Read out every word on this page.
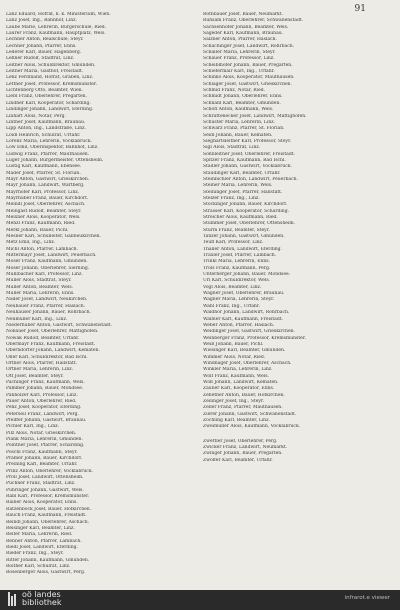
91
Lanz Eduard, Hofrat, k. k. Ministerium, Wien.
Lanz Josef, Ing., Bahnhof, Linz.
Laube Marie, Lehrerin, Bürgerschule, Ried.
Laurer Franz, Kaufmann, Hauptplatz, Wels.
Lechner Anton, Realschule, Steyr.
Lechner Johann, Pfarrer, Enns.
Lederer Karl, Bauer, Hagenberg.
Lehner Rudolf, Stadtrat, Linz.
Leitner Alois, Schuldirektor, Gmunden.
Leitner Maria, Gasthof, Freistadt.
Lenz Ferdinand, Hofrat, Graben, Linz.
Lettner Josef, Professor, Kremsmünster.
Lichtenberg Otto, Beamter, Wien.
Liebl Franz, Oberlehrer, Pregarten.
Lindner Karl, Kooperator, Schärding.
Lindinger Johann, Landwirt, Eferding.
Linhart Alois, Notar, Perg.
Lintner Josef, Kaufmann, Braunau.
Lipp Anton, Ing., Landstraße, Linz.
Loidl Heinrich, Schulrat, Urfahr.
Lorenz Maria, Lehrerin, Vöcklabruck.
Löw Emil, Oberinspektor, Bahnhof, Linz.
Ludwig Franz, Pfarrer, Mauthausen.
Luger Johann, Bürgermeister, Ottensheim.
Lustig Karl, Kaufmann, Ebensee.
Mader Josef, Pfarrer, St. Florian.
Mayr Anton, Gastwirt, Grieskirchen.
Mayr Johann, Landwirt, Wartberg.
Mayrhofer Karl, Professor, Linz.
Mayrhuber Franz, Bauer, Kirchdorf.
Meindl Josef, Oberlehrer, Aschach.
Meingast Rudolf, Beamter, Steyr.
Meixner Alois, Kooperator, Wels.
Menzl Franz, Kaufmann, Ried.
Merkl Johann, Bauer, Pichl.
Mesner Karl, Schulleiter, Gallneukirchen.
Metz Emil, Ing., Linz.
Michl Anton, Pfarrer, Lambach.
Mittermayr Josef, Landwirt, Peuerbach.
Moser Franz, Kaufmann, Gmunden.
Moser Johann, Oberlehrer, Sierning.
Mühlbacher Karl, Professor, Linz.
Müller Alois, Stadtrat, Steyr.
Müller Anton, Beamter, Wels.
Müller Maria, Lehrerin, Enns.
Nader Josef, Landwirt, Neukirchen.
Neubauer Franz, Pfarrer, Haslach.
Neuhauser Johann, Bauer, Rohrbach.
Neumüller Karl, Ing., Linz.
Niederhuber Anton, Gastwirt, Schwanenstadt.
Nöbauer Josef, Oberlehrer, Mattighofen.
Nowak Rudolf, Beamter, Urfahr.
Obermayr Franz, Kaufmann, Freistadt.
Oberndorfer Johann, Landwirt, Kematen.
Öller Karl, Schuldirektor, Bad Ischl.
Ortner Alois, Pfarrer, Hallstatt.
Ortner Maria, Lehrerin, Linz.
Ott Josef, Beamter, Steyr.
Pachinger Franz, Kaufmann, Wels.
Pammer Johann, Bauer, Mondsee.
Panholzer Karl, Professor, Linz.
Pauer Anton, Oberlehrer, Ried.
Penz Josef, Kooperator, Eferding.
Peterseil Franz, Landwirt, Perg.
Pfeiffer Johann, Gastwirt, Braunau.
Pichler Karl, Ing., Linz.
Pilz Alois, Notar, Grieskirchen.
Plank Maria, Lehrerin, Gmunden.
Pointner Josef, Pfarrer, Schärding.
Pöschl Franz, Kaufmann, Steyr.
Pramer Johann, Bauer, Kirchdorf.
Preining Karl, Beamter, Urfahr.
Prinz Anton, Oberlehrer, Vöcklabruck.
Pröll Josef, Landwirt, Ottensheim.
Puchner Franz, Stadtrat, Linz.
Pühringer Johann, Gastwirt, Wels.
Rabl Karl, Professor, Kremsmünster.
Rainer Alois, Kooperator, Enns.
Ratzenböck Josef, Bauer, Hofkirchen.
Rauch Franz, Kaufmann, Freistadt.
Reindl Johann, Oberlehrer, Aschach.
Reisinger Karl, Beamter, Linz.
Reiter Maria, Lehrerin, Ried.
Renner Anton, Pfarrer, Lambach.
Riedl Josef, Landwirt, Eferding.
Rieder Franz, Ing., Steyr.
Ritter Johann, Kaufmann, Gmunden.
Roither Karl, Schulrat, Linz.
Rosenberger Alois, Gastwirt, Perg.
Rothbauer Josef, Bauer, Neumarkt.
Ruhsam Franz, Oberlehrer, Schwanenstadt.
Sachsenhofer Johann, Beamter, Wels.
Sageder Karl, Kaufmann, Braunau.
Salzner Anton, Pfarrer, Haslach.
Schachinger Josef, Landwirt, Rohrbach.
Schaller Maria, Lehrerin, Steyr.
Schauer Franz, Professor, Linz.
Scheiblhofer Johann, Bauer, Pregarten.
Schiefermair Karl, Ing., Urfahr.
Schinko Alois, Kooperator, Mauthausen.
Schlager Josef, Gastwirt, Grieskirchen.
Schmid Franz, Notar, Ried.
Schmidt Johann, Oberlehrer, Enns.
Schnabl Karl, Beamter, Gmunden.
Schöfl Anton, Kaufmann, Wels.
Schrattenecker Josef, Landwirt, Mattighofen.
Schuster Maria, Lehrerin, Linz.
Schwarz Franz, Pfarrer, St. Florian.
Seidl Johann, Bauer, Kematen.
Sieghartsleitner Karl, Professor, Steyr.
Sigl Alois, Stadtrat, Linz.
Sonnleitner Josef, Oberlehrer, Freistadt.
Spitzer Franz, Kaufmann, Bad Ischl.
Stadler Johann, Gastwirt, Vöcklabruck.
Staudinger Karl, Beamter, Urfahr.
Steinbichler Anton, Landwirt, Peuerbach.
Steiner Maria, Lehrerin, Wels.
Steininger Josef, Pfarrer, Hallstatt.
Stelzer Franz, Ing., Linz.
Stockinger Johann, Bauer, Kirchdorf.
Strasser Karl, Kooperator, Schärding.
Streicher Alois, Kaufmann, Ried.
Stummer Josef, Oberlehrer, Ottensheim.
Sturm Franz, Beamter, Steyr.
Tanzer Johann, Gastwirt, Gmunden.
Teufl Karl, Professor, Linz.
Thaller Anton, Landwirt, Eferding.
Traxler Josef, Pfarrer, Lambach.
Trinkl Maria, Lehrerin, Enns.
Tröls Franz, Kaufmann, Perg.
Unterberger Johann, Bauer, Mondsee.
Url Karl, Schuldirektor, Wels.
Vogl Alois, Beamter, Linz.
Wagner Josef, Oberlehrer, Braunau.
Wagner Maria, Lehrerin, Steyr.
Wahl Franz, Ing., Urfahr.
Waldhör Johann, Landwirt, Rohrbach.
Wallner Karl, Kaufmann, Freistadt.
Weber Anton, Pfarrer, Haslach.
Weidinger Josef, Gastwirt, Grieskirchen.
Weinberger Franz, Professor, Kremsmünster.
Weiß Johann, Bauer, Pichl.
Wiesinger Karl, Beamter, Gmunden.
Wimmer Alois, Notar, Ried.
Windhager Josef, Oberlehrer, Aschach.
Winkler Maria, Lehrerin, Linz.
Wolf Franz, Kaufmann, Wels.
Wöß Johann, Landwirt, Kematen.
Zauner Karl, Kooperator, Enns.
Zehetner Anton, Bauer, Hofkirchen.
Zeilinger Josef, Ing., Steyr.
Zeller Franz, Pfarrer, Mauthausen.
Zierer Johann, Gastwirt, Schwanenstadt.
Zöchling Karl, Beamter, Linz.
Zweimüller Alois, Kaufmann, Vöcklabruck.
Zwettler Josef, Oberlehrer, Perg.
Zwicker Franz, Landwirt, Neumarkt.
Zwinger Johann, Bauer, Pregarten.
Zwölfer Karl, Beamter, Urfahr.
oö landes
bibliothek	infrarot.e viewer
